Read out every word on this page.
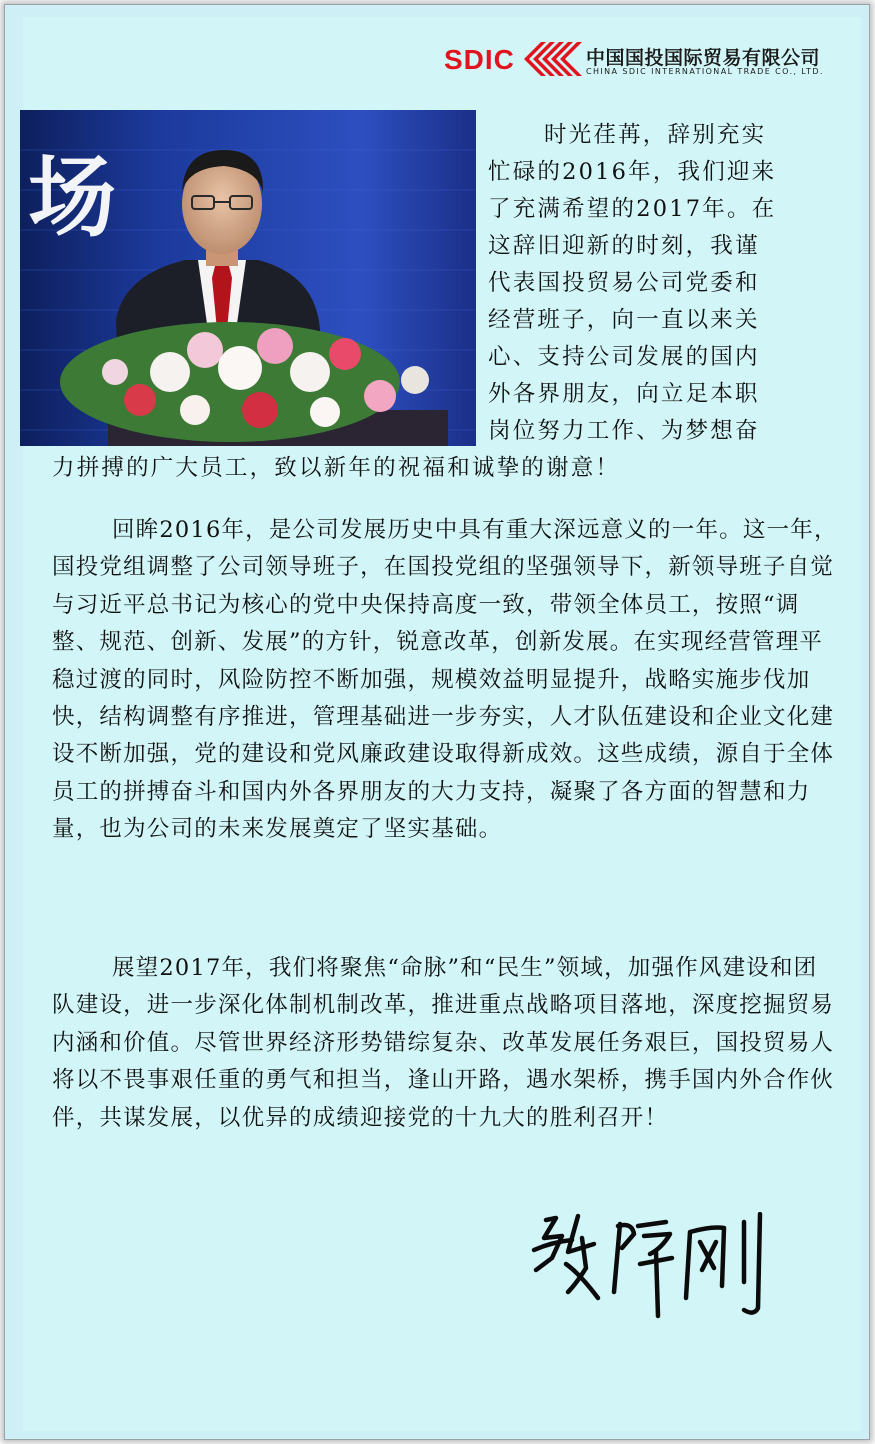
SDIC	中国国投国际贸易有限公司
CHINA SDIC INTERNATIONAL TRADE CO., LTD.
场
时光荏苒，辞别充实
忙碌的2016年，我们迎来
了充满希望的2017年。在
这辞旧迎新的时刻，我谨
代表国投贸易公司党委和
经营班子，向一直以来关
心、支持公司发展的国内
外各界朋友，向立足本职
岗位努力工作、为梦想奋
力拼搏的广大员工，致以新年的祝福和诚挚的谢意！
回眸2016年，是公司发展历史中具有重大深远意义的一年。这一年，国投党组调整了公司领导班子，在国投党组的坚强领导下，新领导班子自觉与习近平总书记为核心的党中央保持高度一致，带领全体员工，按照“调整、规范、创新、发展”的方针，锐意改革，创新发展。在实现经营管理平稳过渡的同时，风险防控不断加强，规模效益明显提升，战略实施步伐加快，结构调整有序推进，管理基础进一步夯实，人才队伍建设和企业文化建设不断加强，党的建设和党风廉政建设取得新成效。这些成绩，源自于全体员工的拼搏奋斗和国内外各界朋友的大力支持，凝聚了各方面的智慧和力量，也为公司的未来发展奠定了坚实基础。
展望2017年，我们将聚焦“命脉”和“民生”领域，加强作风建设和团队建设，进一步深化体制机制改革，推进重点战略项目落地，深度挖掘贸易内涵和价值。尽管世界经济形势错综复杂、改革发展任务艰巨，国投贸易人将以不畏事艰任重的勇气和担当，逢山开路，遇水架桥，携手国内外合作伙伴，共谋发展，以优异的成绩迎接党的十九大的胜利召开！
